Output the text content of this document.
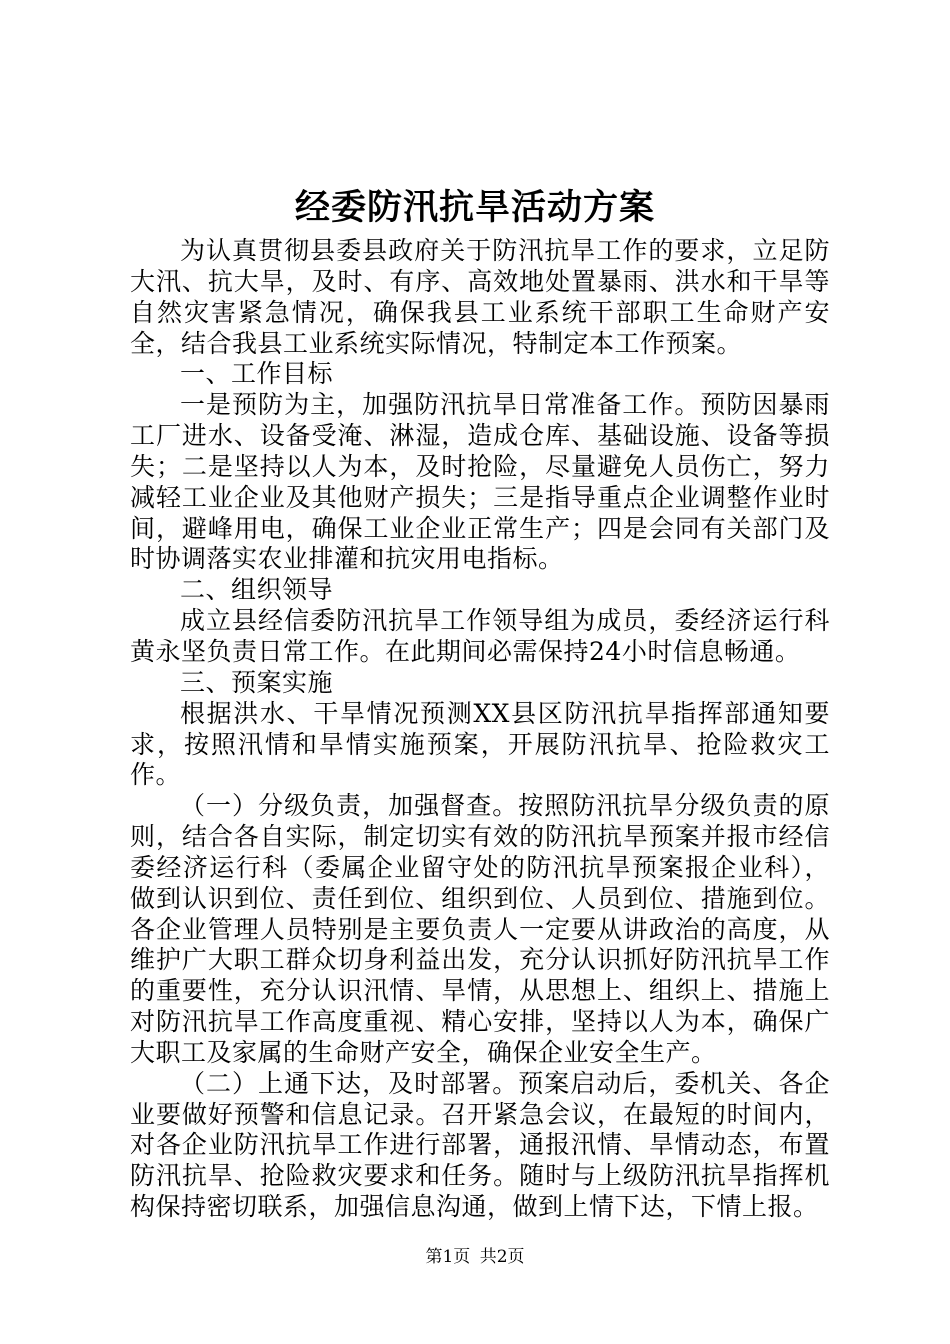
经委防汛抗旱活动方案

为认真贯彻县委县政府关于防汛抗旱工作的要求，立足防大汛、抗大旱，及时、有序、高效地处置暴雨、洪水和干旱等自然灾害紧急情况，确保我县工业系统干部职工生命财产安全，结合我县工业系统实际情况，特制定本工作预案。

一、工作目标

一是预防为主，加强防汛抗旱日常准备工作。预防因暴雨工厂进水、设备受淹、淋湿，造成仓库、基础设施、设备等损失；二是坚持以人为本，及时抢险，尽量避免人员伤亡，努力减轻工业企业及其他财产损失；三是指导重点企业调整作业时间，避峰用电，确保工业企业正常生产；四是会同有关部门及时协调落实农业排灌和抗灾用电指标。

二、组织领导

成立县经信委防汛抗旱工作领导组为成员，委经济运行科黄永坚负责日常工作。在此期间必需保持24小时信息畅通。

三、预案实施

根据洪水、干旱情况预测XX县区防汛抗旱指挥部通知要求，按照汛情和旱情实施预案，开展防汛抗旱、抢险救灾工作。

（一）分级负责，加强督查。按照防汛抗旱分级负责的原则，结合各自实际，制定切实有效的防汛抗旱预案并报市经信委经济运行科（委属企业留守处的防汛抗旱预案报企业科），做到认识到位、责任到位、组织到位、人员到位、措施到位。各企业管理人员特别是主要负责人一定要从讲政治的高度，从维护广大职工群众切身利益出发，充分认识抓好防汛抗旱工作的重要性，充分认识汛情、旱情，从思想上、组织上、措施上对防汛抗旱工作高度重视、精心安排，坚持以人为本，确保广大职工及家属的生命财产安全，确保企业安全生产。

（二）上通下达，及时部署。预案启动后，委机关、各企业要做好预警和信息记录。召开紧急会议，在最短的时间内，对各企业防汛抗旱工作进行部署，通报汛情、旱情动态，布置防汛抗旱、抢险救灾要求和任务。随时与上级防汛抗旱指挥机构保持密切联系，加强信息沟通，做到上情下达，下情上报。

第1页 共2页
